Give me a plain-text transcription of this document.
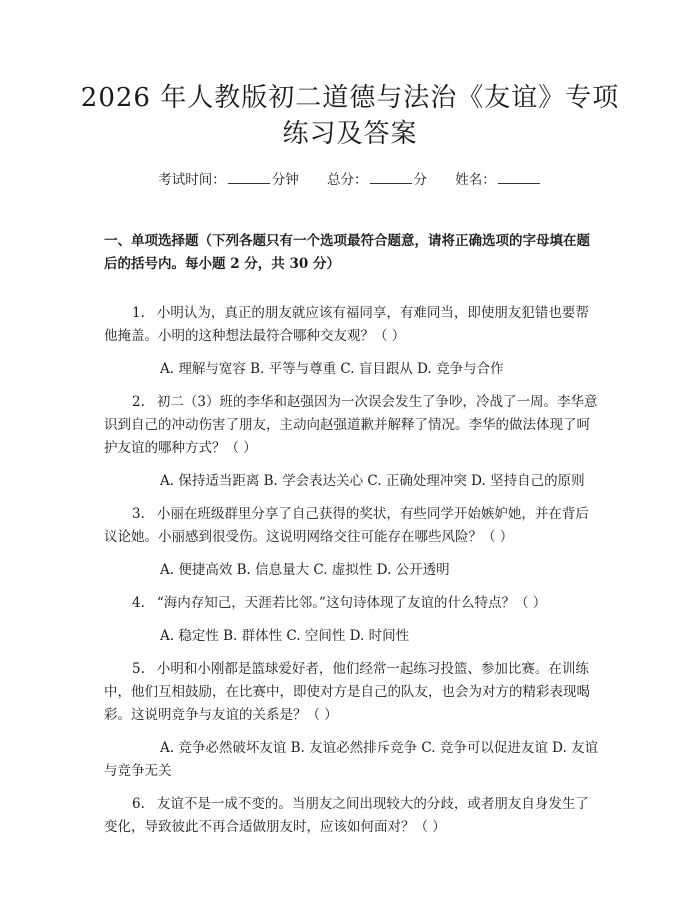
2026 年人教版初二道德与法治《友谊》专项
练习及答案
考试时间：	分钟 总分：	分 姓名：
一、单项选择题（下列各题只有一个选项最符合题意，请将正确选项的字母填在题后的括号内。每小题 2 分，共 30 分）

1. 小明认为，真正的朋友就应该有福同享，有难同当，即使朋友犯错也要帮他掩盖。小明的这种想法最符合哪种交友观？（ ）

A. 理解与宽容 B. 平等与尊重 C. 盲目跟从 D. 竞争与合作

2. 初二（3）班的李华和赵强因为一次误会发生了争吵，冷战了一周。李华意识到自己的冲动伤害了朋友，主动向赵强道歉并解释了情况。李华的做法体现了呵护友谊的哪种方式？（ ）

A. 保持适当距离 B. 学会表达关心 C. 正确处理冲突 D. 坚持自己的原则

3. 小丽在班级群里分享了自己获得的奖状，有些同学开始嫉妒她，并在背后议论她。小丽感到很受伤。这说明网络交往可能存在哪些风险？（ ）

A. 便捷高效 B. 信息量大 C. 虚拟性 D. 公开透明

4. “海内存知己，天涯若比邻。”这句诗体现了友谊的什么特点？（ ）

A. 稳定性 B. 群体性 C. 空间性 D. 时间性

5. 小明和小刚都是篮球爱好者，他们经常一起练习投篮、参加比赛。在训练中，他们互相鼓励，在比赛中，即使对方是自己的队友，也会为对方的精彩表现喝彩。这说明竞争与友谊的关系是？（ ）

A. 竞争必然破坏友谊 B. 友谊必然排斥竞争 C. 竞争可以促进友谊 D. 友谊与竞争无关

6. 友谊不是一成不变的。当朋友之间出现较大的分歧，或者朋友自身发生了变化，导致彼此不再合适做朋友时，应该如何面对？（ ）
